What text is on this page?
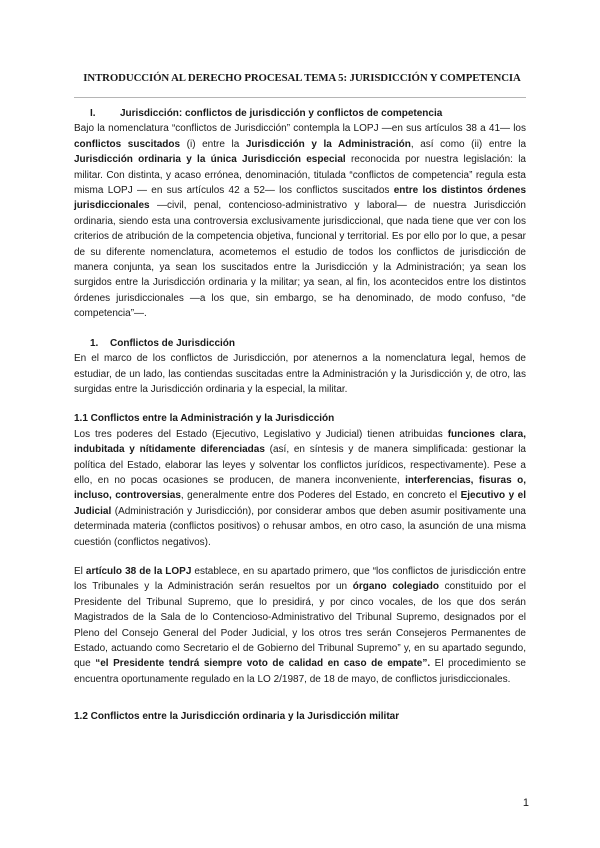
INTRODUCCIÓN AL DERECHO PROCESAL TEMA 5: JURISDICCIÓN Y COMPETENCIA

I. Jurisdicción: conflictos de jurisdicción y conflictos de competencia

Bajo la nomenclatura “conflictos de Jurisdicción” contempla la LOPJ —en sus artículos 38 a 41— los conflictos suscitados (i) entre la Jurisdicción y la Administración, así como (ii) entre la Jurisdicción ordinaria y la única Jurisdicción especial reconocida por nuestra legislación: la militar. Con distinta, y acaso errónea, denominación, titulada “conflictos de competencia” regula esta misma LOPJ — en sus artículos 42 a 52— los conflictos suscitados entre los distintos órdenes jurisdiccionales —civil, penal, contencioso-administrativo y laboral— de nuestra Jurisdicción ordinaria, siendo esta una controversia exclusivamente jurisdiccional, que nada tiene que ver con los criterios de atribución de la competencia objetiva, funcional y territorial. Es por ello por lo que, a pesar de su diferente nomenclatura, acometemos el estudio de todos los conflictos de jurisdicción de manera conjunta, ya sean los suscitados entre la Jurisdicción y la Administración; ya sean los surgidos entre la Jurisdicción ordinaria y la militar; ya sean, al fin, los acontecidos entre los distintos órdenes jurisdiccionales —a los que, sin embargo, se ha denominado, de modo confuso, “de competencia”—.

1. Conflictos de Jurisdicción

En el marco de los conflictos de Jurisdicción, por atenernos a la nomenclatura legal, hemos de estudiar, de un lado, las contiendas suscitadas entre la Administración y la Jurisdicción y, de otro, las surgidas entre la Jurisdicción ordinaria y la especial, la militar.

1.1 Conflictos entre la Administración y la Jurisdicción

Los tres poderes del Estado (Ejecutivo, Legislativo y Judicial) tienen atribuidas funciones clara, indubitada y nítidamente diferenciadas (así, en síntesis y de manera simplificada: gestionar la política del Estado, elaborar las leyes y solventar los conflictos jurídicos, respectivamente). Pese a ello, en no pocas ocasiones se producen, de manera inconveniente, interferencias, fisuras o, incluso, controversias, generalmente entre dos Poderes del Estado, en concreto el Ejecutivo y el Judicial (Administración y Jurisdicción), por considerar ambos que deben asumir positivamente una determinada materia (conflictos positivos) o rehusar ambos, en otro caso, la asunción de una misma cuestión (conflictos negativos).

El artículo 38 de la LOPJ establece, en su apartado primero, que “los conflictos de jurisdicción entre los Tribunales y la Administración serán resueltos por un órgano colegiado constituido por el Presidente del Tribunal Supremo, que lo presidirá, y por cinco vocales, de los que dos serán Magistrados de la Sala de lo Contencioso-Administrativo del Tribunal Supremo, designados por el Pleno del Consejo General del Poder Judicial, y los otros tres serán Consejeros Permanentes de Estado, actuando como Secretario el de Gobierno del Tribunal Supremo” y, en su apartado segundo, que “el Presidente tendrá siempre voto de calidad en caso de empate”. El procedimiento se encuentra oportunamente regulado en la LO 2/1987, de 18 de mayo, de conflictos jurisdiccionales.

1.2 Conflictos entre la Jurisdicción ordinaria y la Jurisdicción militar

1
